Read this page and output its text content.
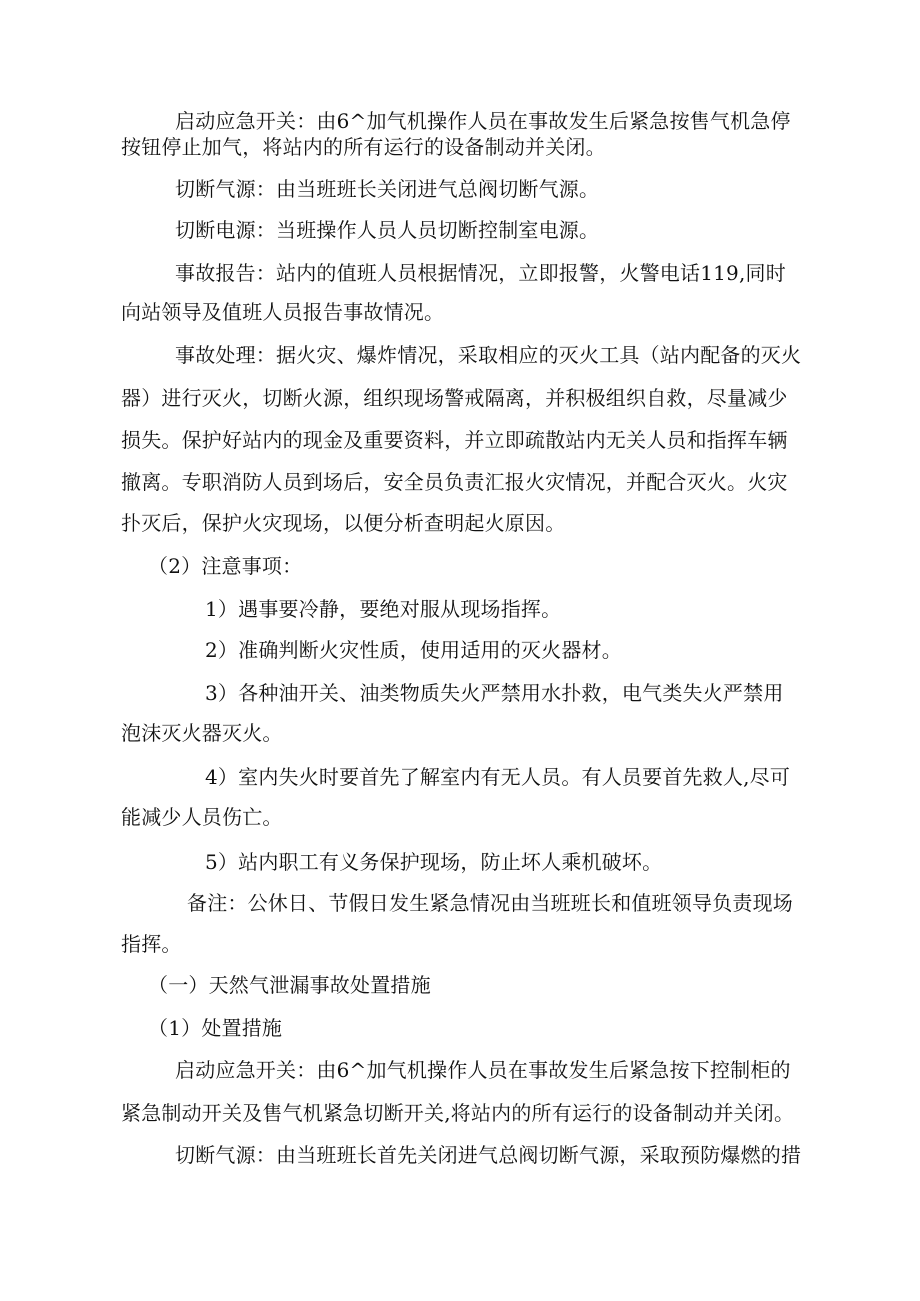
启动应急开关：由6^加气机操作人员在事故发生后紧急按售气机急停
按钮停止加气，将站内的所有运行的设备制动并关闭。
切断气源：由当班班长关闭进气总阀切断气源。
切断电源：当班操作人员人员切断控制室电源。
事故报告：站内的值班人员根据情况，立即报警，火警电话119,同时
向站领导及值班人员报告事故情况。
事故处理：据火灾、爆炸情况，采取相应的灭火工具（站内配备的灭火
器）进行灭火，切断火源，组织现场警戒隔离，并积极组织自救，尽量减少
损失。保护好站内的现金及重要资料，并立即疏散站内无关人员和指挥车辆
撤离。专职消防人员到场后，安全员负责汇报火灾情况，并配合灭火。火灾
扑灭后，保护火灾现场，以便分析查明起火原因。
（2）注意事项：
1）遇事要冷静，要绝对服从现场指挥。
2）准确判断火灾性质，使用适用的灭火器材。
3）各种油开关、油类物质失火严禁用水扑救，电气类失火严禁用
泡沫灭火器灭火。
4）室内失火时要首先了解室内有无人员。有人员要首先救人,尽可
能减少人员伤亡。
5）站内职工有义务保护现场，防止坏人乘机破坏。
备注：公休日、节假日发生紧急情况由当班班长和值班领导负责现场
指挥。
（一）天然气泄漏事故处置措施
（1）处置措施
启动应急开关：由6^加气机操作人员在事故发生后紧急按下控制柜的
紧急制动开关及售气机紧急切断开关,将站内的所有运行的设备制动并关闭。
切断气源：由当班班长首先关闭进气总阀切断气源，采取预防爆燃的措
